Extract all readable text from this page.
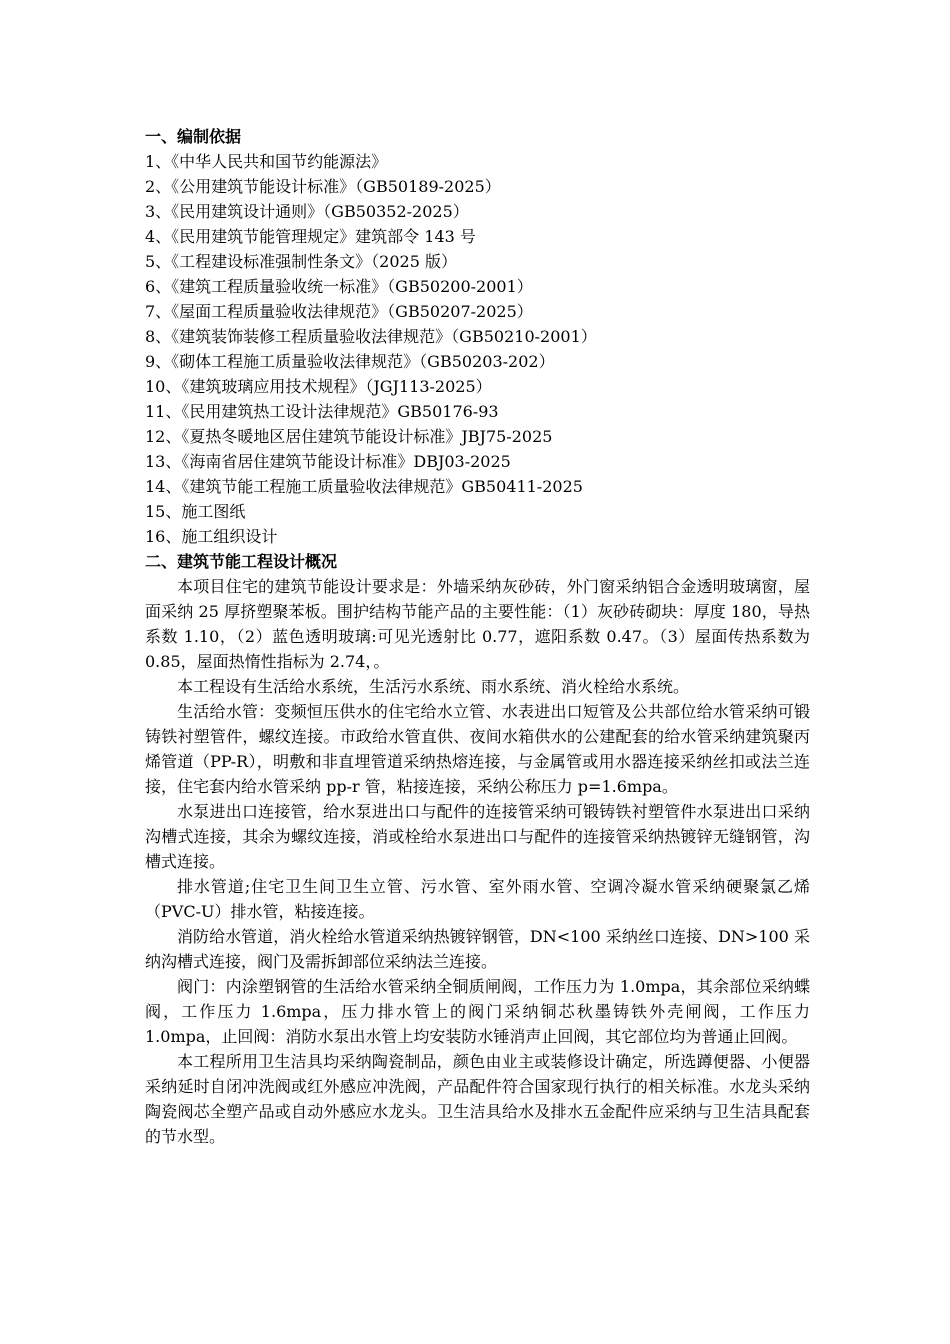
一、编制依据

1、《中华人民共和国节约能源法》
2、《公用建筑节能设计标准》（GB50189-2025）
3、《民用建筑设计通则》（GB50352-2025）
4、《民用建筑节能管理规定》建筑部令 143 号
5、《工程建设标准强制性条文》（2025 版）
6、《建筑工程质量验收统一标准》（GB50200-2001）
7、《屋面工程质量验收法律规范》（GB50207-2025）
8、《建筑装饰装修工程质量验收法律规范》（GB50210-2001）
9、《砌体工程施工质量验收法律规范》（GB50203-202）
10、《建筑玻璃应用技术规程》（JGJ113-2025）
11、《民用建筑热工设计法律规范》GB50176-93
12、《夏热冬暖地区居住建筑节能设计标准》JBJ75-2025
13、《海南省居住建筑节能设计标准》DBJ03-2025
14、《建筑节能工程施工质量验收法律规范》GB50411-2025
15、施工图纸
16、施工组织设计

二、建筑节能工程设计概况

本项目住宅的建筑节能设计要求是：外墙采纳灰砂砖，外门窗采纳铝合金透明玻璃窗，屋面采纳 25 厚挤塑聚苯板。围护结构节能产品的主要性能：（1）灰砂砖砌块：厚度 180，导热系数 1.10，（2）蓝色透明玻璃:可见光透射比 0.77，遮阳系数 0.47。（3）屋面传热系数为 0.85，屋面热惰性指标为 2.74，。

本工程设有生活给水系统，生活污水系统、雨水系统、消火栓给水系统。

生活给水管：变频恒压供水的住宅给水立管、水表进出口短管及公共部位给水管采纳可锻铸铁衬塑管件，螺纹连接。市政给水管直供、夜间水箱供水的公建配套的给水管采纳建筑聚丙烯管道（PP-R），明敷和非直埋管道采纳热熔连接，与金属管或用水器连接采纳丝扣或法兰连接，住宅套内给水管采纳 pp-r 管，粘接连接，采纳公称压力 p=1.6mpa。

水泵进出口连接管，给水泵进出口与配件的连接管采纳可锻铸铁衬塑管件水泵进出口采纳沟槽式连接，其余为螺纹连接，消或栓给水泵进出口与配件的连接管采纳热镀锌无缝钢管，沟槽式连接。

排水管道;住宅卫生间卫生立管、污水管、室外雨水管、空调冷凝水管采纳硬聚氯乙烯（PVC-U）排水管，粘接连接。

消防给水管道，消火栓给水管道采纳热镀锌钢管，DN<100 采纳丝口连接、DN>100 采纳沟槽式连接，阀门及需拆卸部位采纳法兰连接。

阀门：内涂塑钢管的生活给水管采纳全铜质闸阀，工作压力为 1.0mpa，其余部位采纳蝶阀，工作压力 1.6mpa，压力排水管上的阀门采纳铜芯秋墨铸铁外壳闸阀，工作压力 1.0mpa，止回阀：消防水泵出水管上均安装防水锤消声止回阀，其它部位均为普通止回阀。

本工程所用卫生洁具均采纳陶瓷制品，颜色由业主或装修设计确定，所选蹲便器、小便器采纳延时自闭冲洗阀或红外感应冲洗阀，产品配件符合国家现行执行的相关标准。水龙头采纳陶瓷阀芯全塑产品或自动外感应水龙头。卫生洁具给水及排水五金配件应采纳与卫生洁具配套的节水型。
